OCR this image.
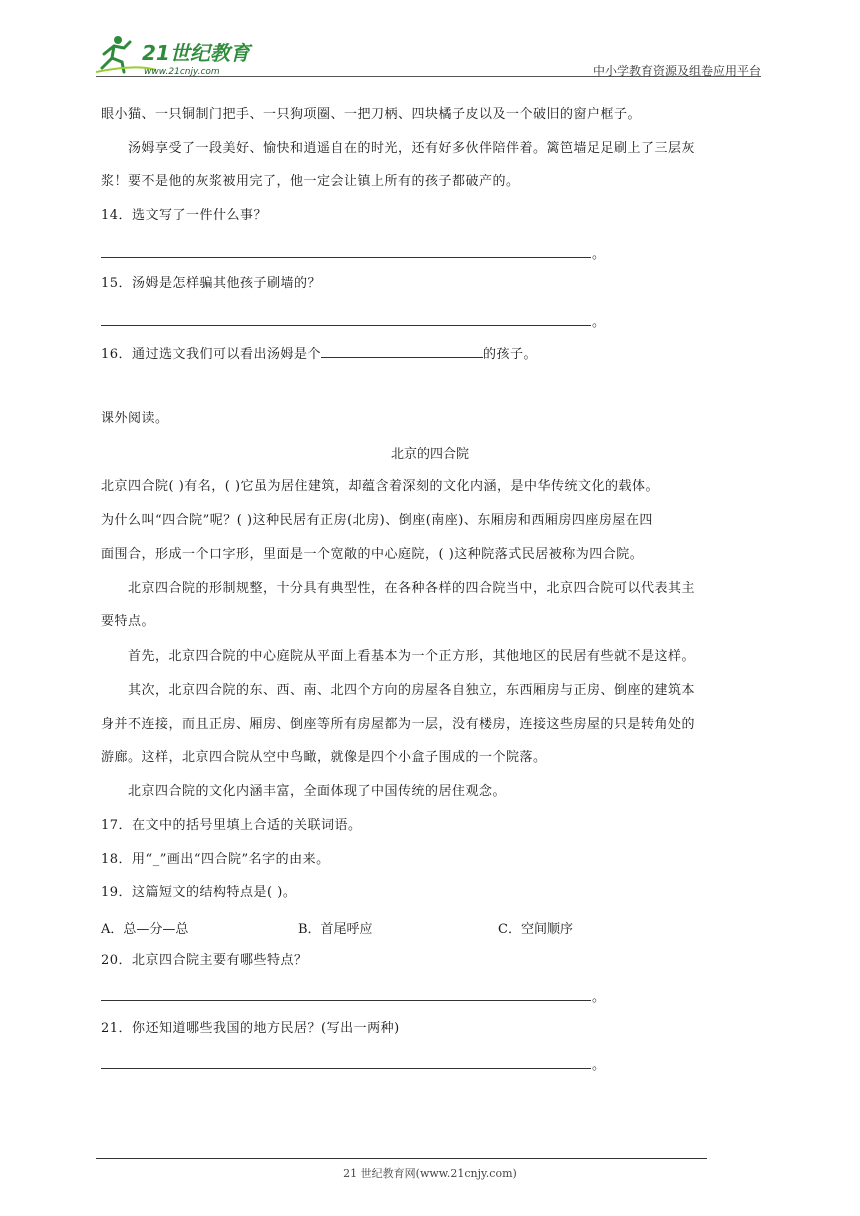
21世纪教育
www.21cnjy.com	中小学教育资源及组卷应用平台
眼小猫、一只铜制门把手、一只狗项圈、一把刀柄、四块橘子皮以及一个破旧的窗户框子。
汤姆享受了一段美好、愉快和逍遥自在的时光，还有好多伙伴陪伴着。篱笆墙足足刷上了三层灰
浆！要不是他的灰浆被用完了，他一定会让镇上所有的孩子都破产的。
14．选文写了一件什么事？
。
15．汤姆是怎样骗其他孩子刷墙的？
。
16．通过选文我们可以看出汤姆是个	的孩子。
课外阅读。
北京的四合院
北京四合院( )有名，( )它虽为居住建筑，却蕴含着深刻的文化内涵，是中华传统文化的载体。
为什么叫“四合院”呢？( )这种民居有正房(北房)、倒座(南座)、东厢房和西厢房四座房屋在四
面围合，形成一个口字形，里面是一个宽敞的中心庭院，( )这种院落式民居被称为四合院。
北京四合院的形制规整，十分具有典型性，在各种各样的四合院当中，北京四合院可以代表其主
要特点。
首先，北京四合院的中心庭院从平面上看基本为一个正方形，其他地区的民居有些就不是这样。
其次，北京四合院的东、西、南、北四个方向的房屋各自独立，东西厢房与正房、倒座的建筑本
身并不连接，而且正房、厢房、倒座等所有房屋都为一层，没有楼房，连接这些房屋的只是转角处的
游廊。这样，北京四合院从空中鸟瞰，就像是四个小盒子围成的一个院落。
北京四合院的文化内涵丰富，全面体现了中国传统的居住观念。
17．在文中的括号里填上合适的关联词语。
18．用“_”画出“四合院”名字的由来。
19．这篇短文的结构特点是( )。
A．总—分—总	B．首尾呼应	C．空间顺序
20．北京四合院主要有哪些特点？
。
21．你还知道哪些我国的地方民居？(写出一两种)
。
21 世纪教育网(www.21cnjy.com)
